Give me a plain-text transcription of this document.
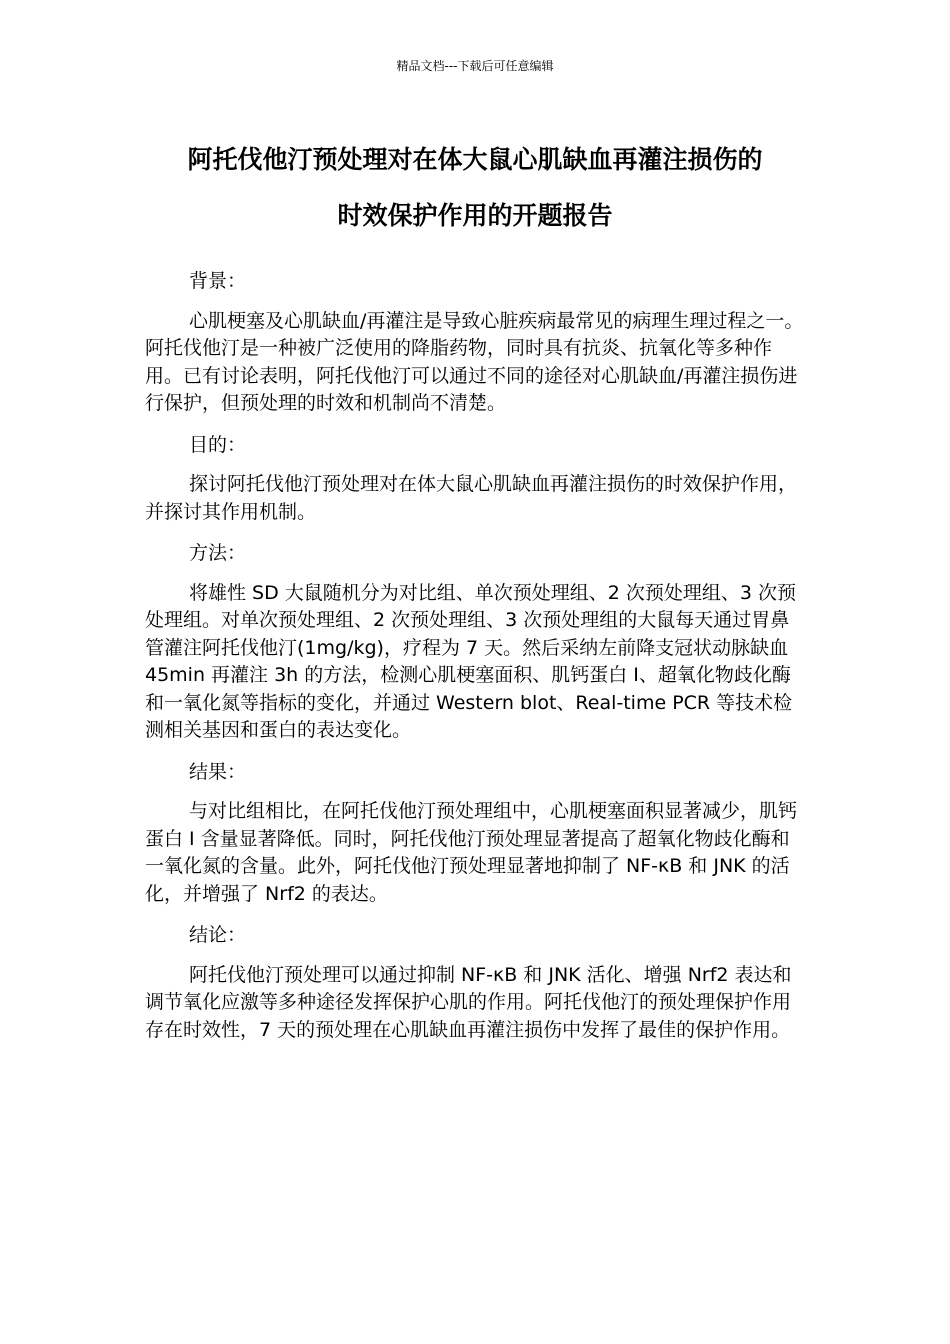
精品文档---下载后可任意编辑
阿托伐他汀预处理对在体大鼠心肌缺血再灌注损伤的
时效保护作用的开题报告

背景：

心肌梗塞及心肌缺血/再灌注是导致心脏疾病最常见的病理生理过程之一。阿托伐他汀是一种被广泛使用的降脂药物，同时具有抗炎、抗氧化等多种作用。已有讨论表明，阿托伐他汀可以通过不同的途径对心肌缺血/再灌注损伤进行保护，但预处理的时效和机制尚不清楚。

目的：

探讨阿托伐他汀预处理对在体大鼠心肌缺血再灌注损伤的时效保护作用，并探讨其作用机制。

方法：

将雄性 SD 大鼠随机分为对比组、单次预处理组、2 次预处理组、3 次预处理组。对单次预处理组、2 次预处理组、3 次预处理组的大鼠每天通过胃鼻管灌注阿托伐他汀(1mg/kg)，疗程为 7 天。然后采纳左前降支冠状动脉缺血 45min 再灌注 3h 的方法，检测心肌梗塞面积、肌钙蛋白 I、超氧化物歧化酶和一氧化氮等指标的变化，并通过 Western blot、Real-time PCR 等技术检测相关基因和蛋白的表达变化。

结果：

与对比组相比，在阿托伐他汀预处理组中，心肌梗塞面积显著减少，肌钙蛋白 I 含量显著降低。同时，阿托伐他汀预处理显著提高了超氧化物歧化酶和一氧化氮的含量。此外，阿托伐他汀预处理显著地抑制了 NF-κB 和 JNK 的活化，并增强了 Nrf2 的表达。

结论：

阿托伐他汀预处理可以通过抑制 NF-κB 和 JNK 活化、增强 Nrf2 表达和调节氧化应激等多种途径发挥保护心肌的作用。阿托伐他汀的预处理保护作用存在时效性，7 天的预处理在心肌缺血再灌注损伤中发挥了最佳的保护作用。
